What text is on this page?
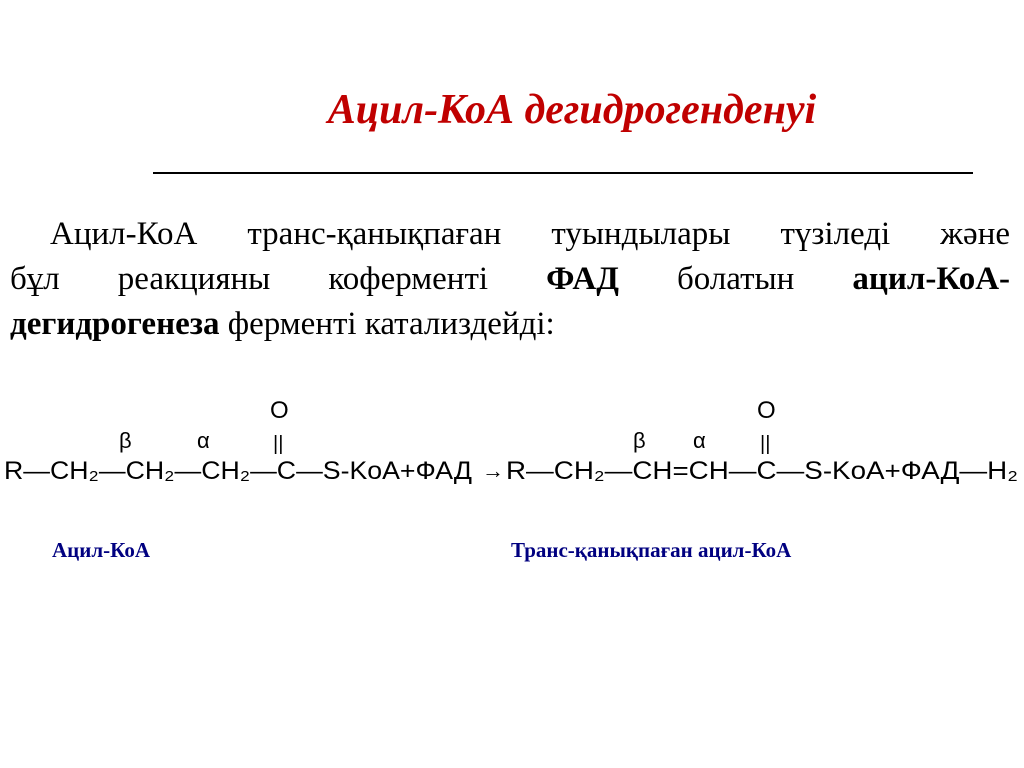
Ацил-КоА дегидрогенденуі
Ацил-КоА транс-қанықпаған туындылары түзіледі және
бұл реакцияны коферменті ФАД болатын ацил-КоА-
дегидрогенеза ферменті катализдейді:
R—CH₂—CH₂—CH₂—C—S-KoA+ФАД
β	α
O
||
→ R—CH₂—CH=CH—C—S-KoA+ФАД—H₂
β α
O
||
Ацил-КоА	Транс-қанықпаған ацил-КоА
